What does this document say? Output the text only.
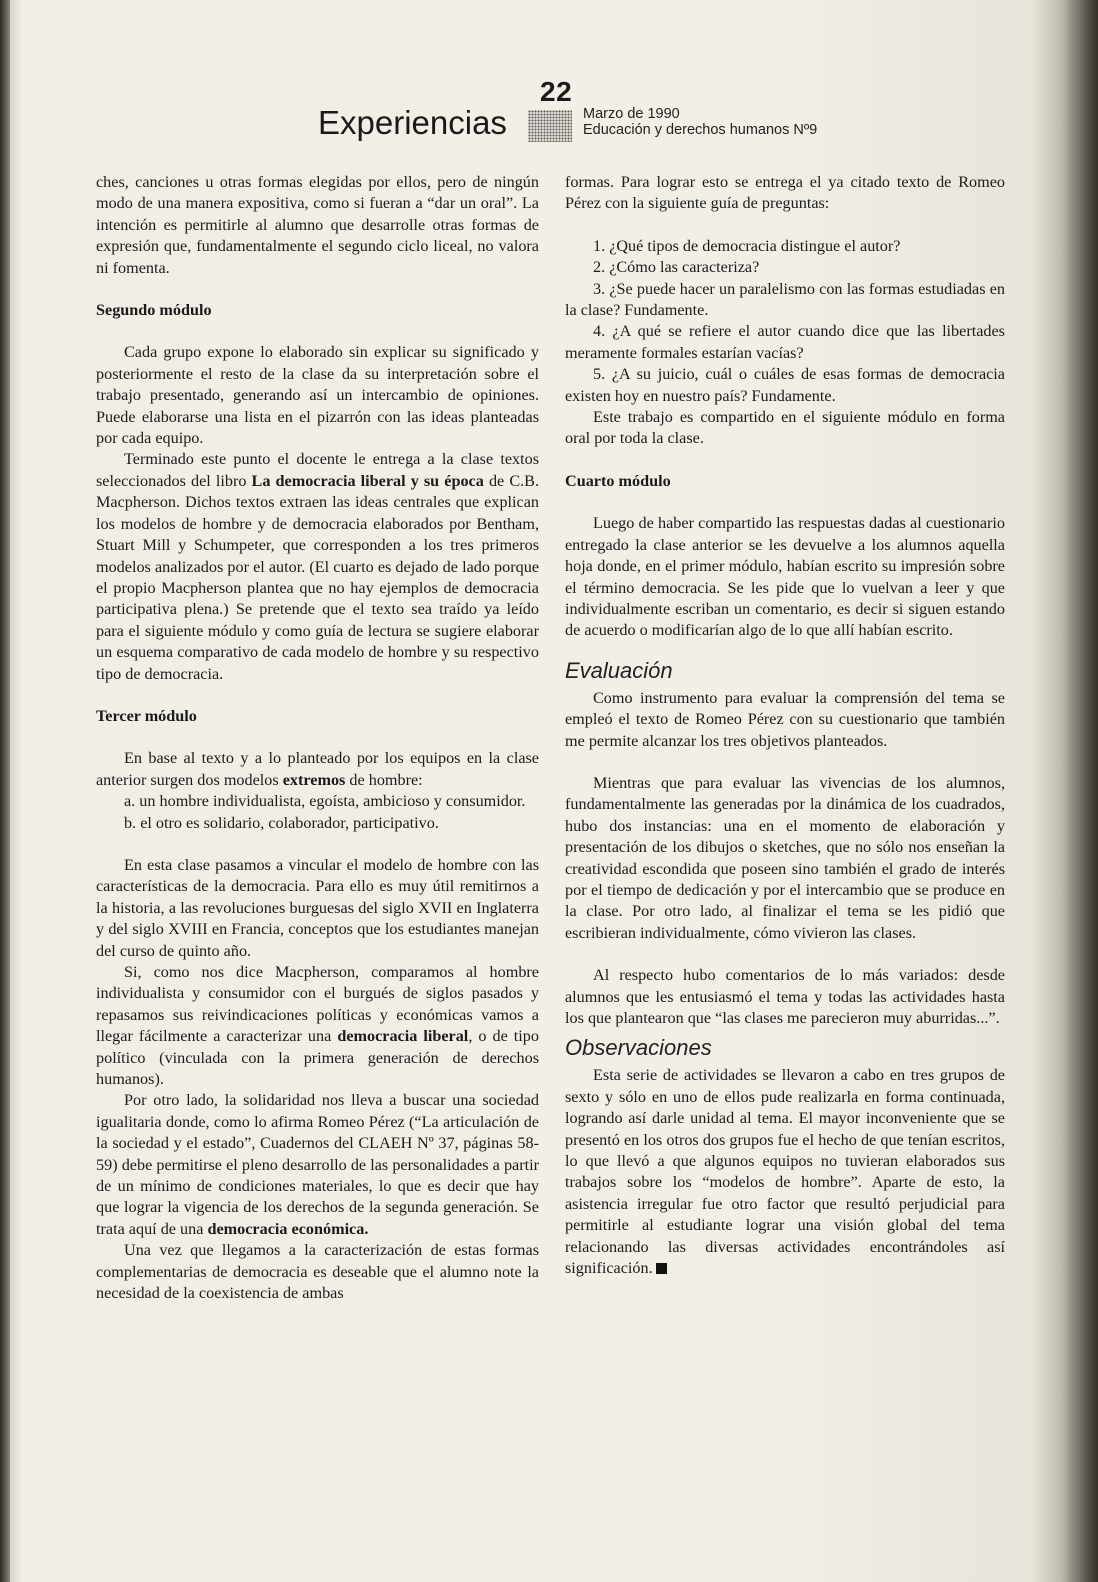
22
Experiencias	Marzo de 1990
Educación y derechos humanos Nº9

ches, canciones u otras formas elegidas por ellos, pero de ningún modo de una manera expositiva, como si fueran a “dar un oral”. La intención es permitirle al alumno que desarrolle otras formas de expresión que, fundamentalmente el segundo ciclo liceal, no valora ni fomenta.

Segundo módulo

Cada grupo expone lo elaborado sin explicar su significado y posteriormente el resto de la clase da su interpretación sobre el trabajo presentado, generando así un intercambio de opiniones. Puede elaborarse una lista en el pizarrón con las ideas planteadas por cada equipo.

Terminado este punto el docente le entrega a la clase textos seleccionados del libro La democracia liberal y su época de C.B. Macpherson. Dichos textos extraen las ideas centrales que explican los modelos de hombre y de democracia elaborados por Bentham, Stuart Mill y Schumpeter, que corresponden a los tres primeros modelos analizados por el autor. (El cuarto es dejado de lado porque el propio Macpherson plantea que no hay ejemplos de democracia participativa plena.) Se pretende que el texto sea traído ya leído para el siguiente módulo y como guía de lectura se sugiere elaborar un esquema comparativo de cada modelo de hombre y su respectivo tipo de democracia.

Tercer módulo

En base al texto y a lo planteado por los equipos en la clase anterior surgen dos modelos extremos de hombre:

a. un hombre individualista, egoísta, ambicioso y consumidor.
b. el otro es solidario, colaborador, participativo.

En esta clase pasamos a vincular el modelo de hombre con las características de la democracia. Para ello es muy útil remitirnos a la historia, a las revoluciones burguesas del siglo XVII en Inglaterra y del siglo XVIII en Francia, conceptos que los estudiantes manejan del curso de quinto año.

Si, como nos dice Macpherson, comparamos al hombre individualista y consumidor con el burgués de siglos pasados y repasamos sus reivindicaciones políticas y económicas vamos a llegar fácilmente a caracterizar una democracia liberal, o de tipo político (vinculada con la primera generación de derechos humanos).

Por otro lado, la solidaridad nos lleva a buscar una sociedad igualitaria donde, como lo afirma Romeo Pérez (“La articulación de la sociedad y el estado”, Cuadernos del CLAEH Nº 37, páginas 58-59) debe permitirse el pleno desarrollo de las personalidades a partir de un mínimo de condiciones materiales, lo que es decir que hay que lograr la vigencia de los derechos de la segunda generación. Se trata aquí de una democracia económica.

Una vez que llegamos a la caracterización de estas formas complementarias de democracia es deseable que el alumno note la necesidad de la coexistencia de ambas

formas. Para lograr esto se entrega el ya citado texto de Romeo Pérez con la siguiente guía de preguntas:

1. ¿Qué tipos de democracia distingue el autor?
2. ¿Cómo las caracteriza?
3. ¿Se puede hacer un paralelismo con las formas estudiadas en la clase? Fundamente.
4. ¿A qué se refiere el autor cuando dice que las libertades meramente formales estarían vacías?
5. ¿A su juicio, cuál o cuáles de esas formas de democracia existen hoy en nuestro país? Fundamente.

Este trabajo es compartido en el siguiente módulo en forma oral por toda la clase.

Cuarto módulo

Luego de haber compartido las respuestas dadas al cuestionario entregado la clase anterior se les devuelve a los alumnos aquella hoja donde, en el primer módulo, habían escrito su impresión sobre el término democracia. Se les pide que lo vuelvan a leer y que individualmente escriban un comentario, es decir si siguen estando de acuerdo o modificarían algo de lo que allí habían escrito.

Evaluación

Como instrumento para evaluar la comprensión del tema se empleó el texto de Romeo Pérez con su cuestionario que también me permite alcanzar los tres objetivos planteados.

Mientras que para evaluar las vivencias de los alumnos, fundamentalmente las generadas por la dinámica de los cuadrados, hubo dos instancias: una en el momento de elaboración y presentación de los dibujos o sketches, que no sólo nos enseñan la creatividad escondida que poseen sino también el grado de interés por el tiempo de dedicación y por el intercambio que se produce en la clase. Por otro lado, al finalizar el tema se les pidió que escribieran individualmente, cómo vivieron las clases.

Al respecto hubo comentarios de lo más variados: desde alumnos que les entusiasmó el tema y todas las actividades hasta los que plantearon que “las clases me parecieron muy aburridas...”.

Observaciones

Esta serie de actividades se llevaron a cabo en tres grupos de sexto y sólo en uno de ellos pude realizarla en forma continuada, logrando así darle unidad al tema. El mayor inconveniente que se presentó en los otros dos grupos fue el hecho de que tenían escritos, lo que llevó a que algunos equipos no tuvieran elaborados sus trabajos sobre los “modelos de hombre”. Aparte de esto, la asistencia irregular fue otro factor que resultó perjudicial para permitirle al estudiante lograr una visión global del tema relacionando las diversas actividades encontrándoles así significación.
